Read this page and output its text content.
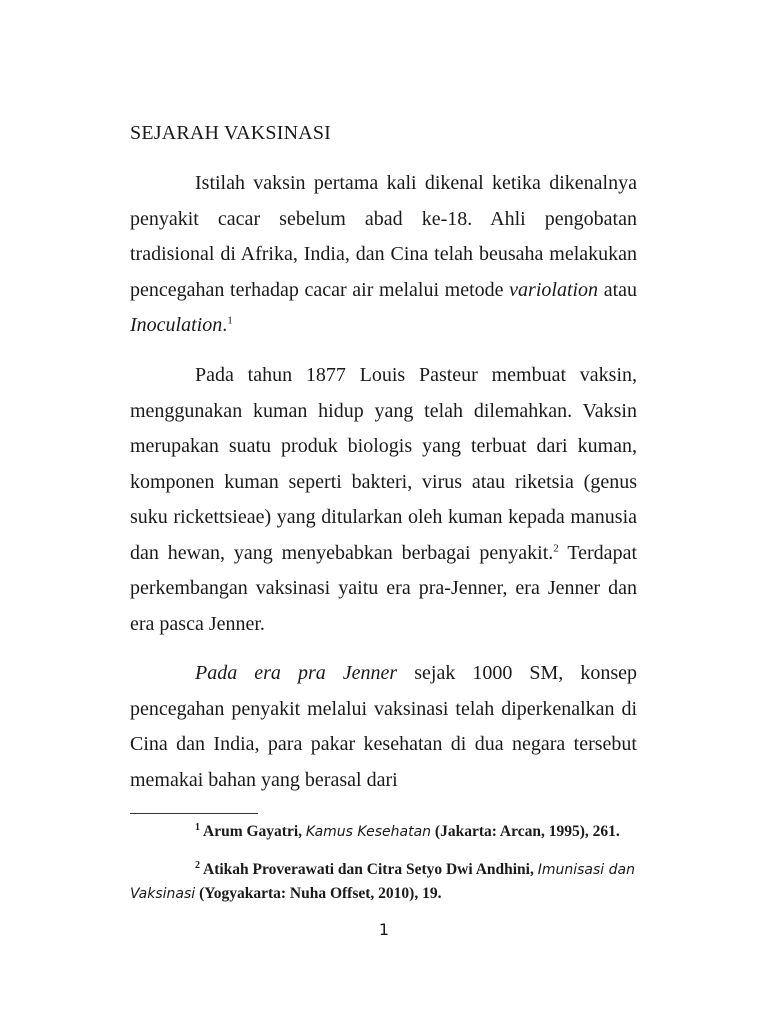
SEJARAH VAKSINASI

Istilah vaksin pertama kali dikenal ketika dikenalnya penyakit cacar sebelum abad ke-18. Ahli pengobatan tradisional di Afrika, India, dan Cina telah beusaha melakukan pencegahan terhadap cacar air melalui metode variolation atau Inoculation.$^1$

Pada tahun 1877 Louis Pasteur membuat vaksin, menggunakan kuman hidup yang telah dilemahkan. Vaksin merupakan suatu produk biologis yang terbuat dari kuman, komponen kuman seperti bakteri, virus atau riketsia (genus suku rickettsieae) yang ditularkan oleh kuman kepada manusia dan hewan, yang menyebabkan berbagai penyakit.$^2$ Terdapat perkembangan vaksinasi yaitu era pra-Jenner, era Jenner dan era pasca Jenner.

Pada era pra Jenner sejak 1000 SM, konsep pencegahan penyakit melalui vaksinasi telah diperkenalkan di Cina dan India, para pakar kesehatan di dua negara tersebut memakai bahan yang berasal dari

$^1$ Arum Gayatri, Kamus Kesehatan (Jakarta: Arcan, 1995), 261.

$^2$ Atikah Proverawati dan Citra Setyo Dwi Andhini, Imunisasi dan Vaksinasi (Yogyakarta: Nuha Offset, 2010), 19.

1
